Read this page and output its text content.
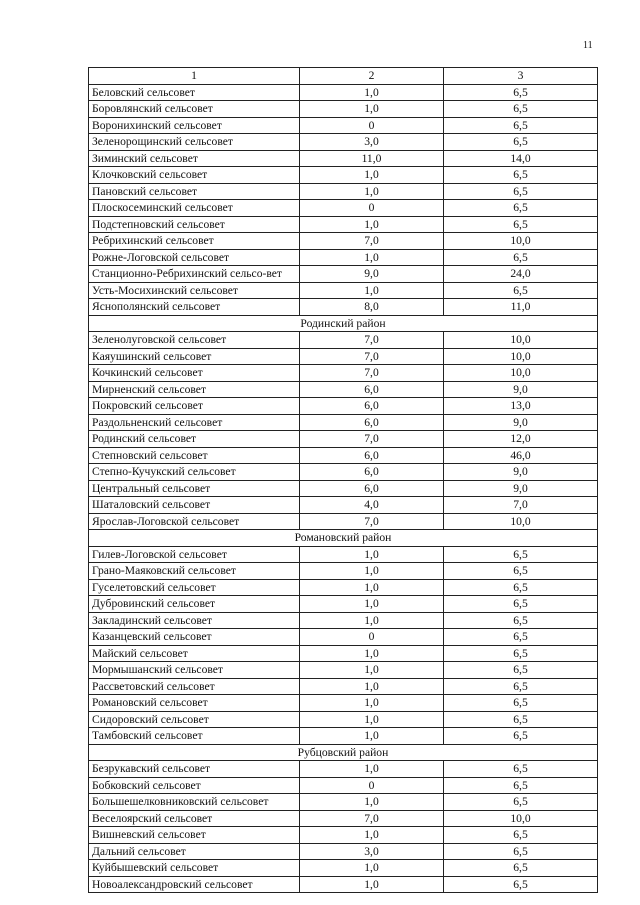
11
1	2	3
Беловский сельсовет	1,0	6,5
Боровлянский сельсовет	1,0	6,5
Воронихинский сельсовет	0	6,5
Зеленорощинский сельсовет	3,0	6,5
Зиминский сельсовет	11,0	14,0
Клочковский сельсовет	1,0	6,5
Пановский сельсовет	1,0	6,5
Плоскосеминский сельсовет	0	6,5
Подстепновский сельсовет	1,0	6,5
Ребрихинский сельсовет	7,0	10,0
Рожне-Логовской сельсовет	1,0	6,5
Станционно-Ребрихинский сельсо-вет	9,0	24,0
Усть-Мосихинский сельсовет	1,0	6,5
Яснополянский сельсовет	8,0	11,0
Родинский район		
Зеленолуговской сельсовет	7,0	10,0
Каяушинский сельсовет	7,0	10,0
Кочкинский сельсовет	7,0	10,0
Мирненский сельсовет	6,0	9,0
Покровский сельсовет	6,0	13,0
Раздольненский сельсовет	6,0	9,0
Родинский сельсовет	7,0	12,0
Степновский сельсовет	6,0	46,0
Степно-Кучукский сельсовет	6,0	9,0
Центральный сельсовет	6,0	9,0
Шаталовский сельсовет	4,0	7,0
Ярослав-Логовской сельсовет	7,0	10,0
Романовский район		
Гилев-Логовской сельсовет	1,0	6,5
Грано-Маяковский сельсовет	1,0	6,5
Гуселетовский сельсовет	1,0	6,5
Дубровинский сельсовет	1,0	6,5
Закладинский сельсовет	1,0	6,5
Казанцевский сельсовет	0	6,5
Майский сельсовет	1,0	6,5
Мормышанский сельсовет	1,0	6,5
Рассветовский сельсовет	1,0	6,5
Романовский сельсовет	1,0	6,5
Сидоровский сельсовет	1,0	6,5
Тамбовский сельсовет	1,0	6,5
Рубцовский район		
Безрукавский сельсовет	1,0	6,5
Бобковский сельсовет	0	6,5
Большешелковниковский сельсовет	1,0	6,5
Веселоярский сельсовет	7,0	10,0
Вишневский сельсовет	1,0	6,5
Дальний сельсовет	3,0	6,5
Куйбышевский сельсовет	1,0	6,5
Новоалександровский сельсовет	1,0	6,5
